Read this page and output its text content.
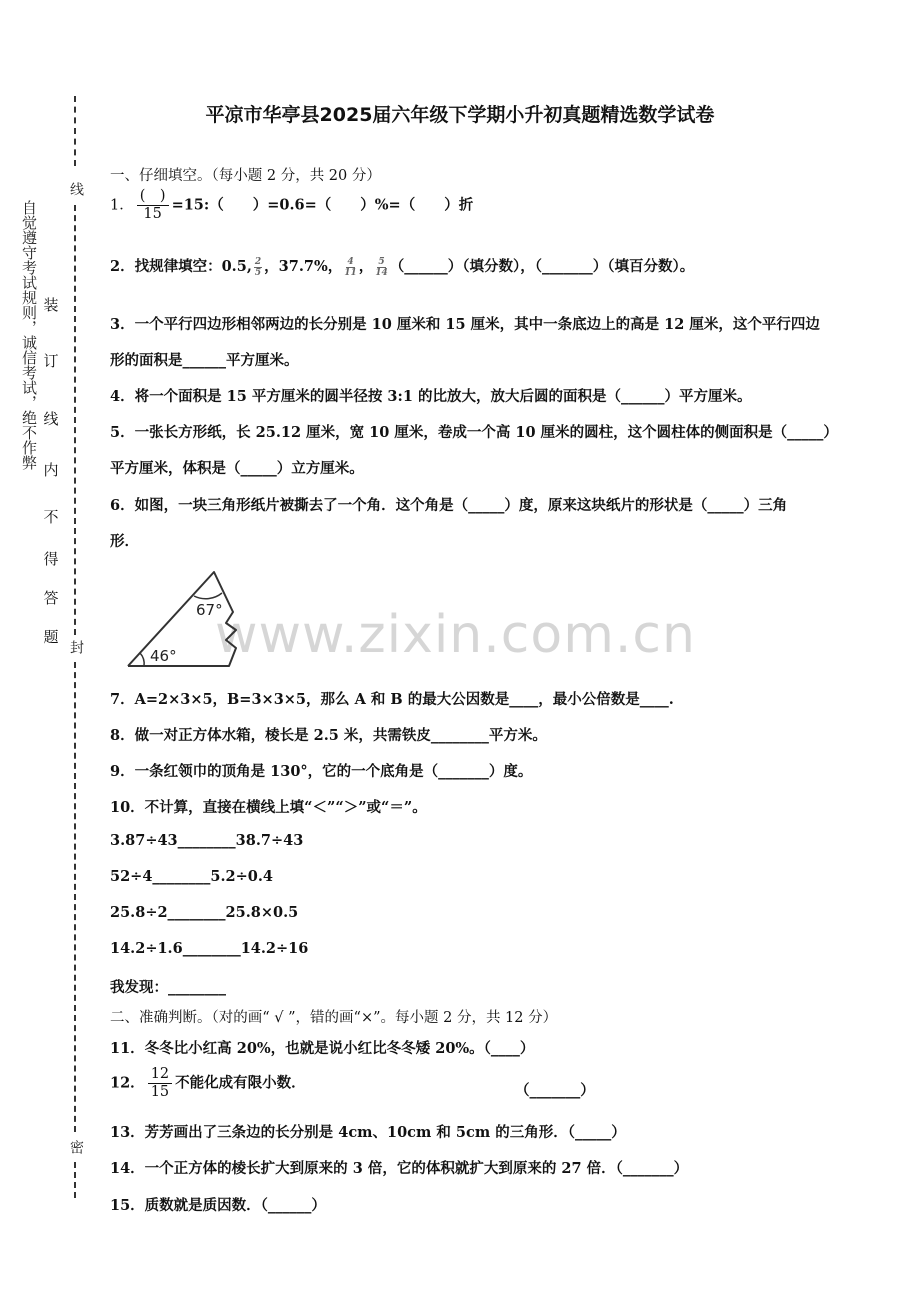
线
封
密
自觉遵守考试规则，诚信考试，绝不作弊 装
订
线
内
不
得
答
题
平凉市华亭县2025届六年级下学期小升初真题精选数学试卷
一、仔细填空。（每小题 2 分，共 20 分）
1． $\frac{( )}{15}$ =15:（　　）=0.6=（　　）%=（　　）折
2．找规律填空：0.5, $\frac{2}{5}$ ，37.7%， $\frac{4}{11}$ ， $\frac{5}{14}$ （______）（填分数），（_______）（填百分数）。
3．一个平行四边形相邻两边的长分别是 10 厘米和 15 厘米，其中一条底边上的高是 12 厘米，这个平行四边
形的面积是______平方厘米。
4．将一个面积是 15 平方厘米的圆半径按 3:1 的比放大，放大后圆的面积是（______）平方厘米。
5．一张长方形纸，长 25.12 厘米，宽 10 厘米，卷成一个高 10 厘米的圆柱，这个圆柱体的侧面积是（_____）
平方厘米，体积是（_____）立方厘米。
6．如图，一块三角形纸片被撕去了一个角．这个角是（_____）度，原来这块纸片的形状是（_____）三角
形．
www.zixin.com.cn
67°
46°
7．A=2×3×5，B=3×3×5，那么 A 和 B 的最大公因数是____，最小公倍数是____.
8．做一对正方体水箱，棱长是 2.5 米，共需铁皮________平方米。
9．一条红领巾的顶角是 130°，它的一个底角是（_______）度。
10．不计算，直接在横线上填“＜”“＞”或“＝”。
3.87÷43________38.7÷43
52÷4________5.2÷0.4
25.8÷2________25.8×0.5
14.2÷1.6________14.2÷16
我发现：________
二、准确判断。（对的画“ √ ”，错的画“×”。每小题 2 分，共 12 分）
11．冬冬比小红高 20%，也就是说小红比冬冬矮 20%。（____）
12． $\frac{12}{15}$ 不能化成有限小数．	（_______）
13．芳芳画出了三条边的长分别是 4cm、10cm 和 5cm 的三角形．（_____）
14．一个正方体的棱长扩大到原来的 3 倍，它的体积就扩大到原来的 27 倍．（_______）
15．质数就是质因数．（______）
